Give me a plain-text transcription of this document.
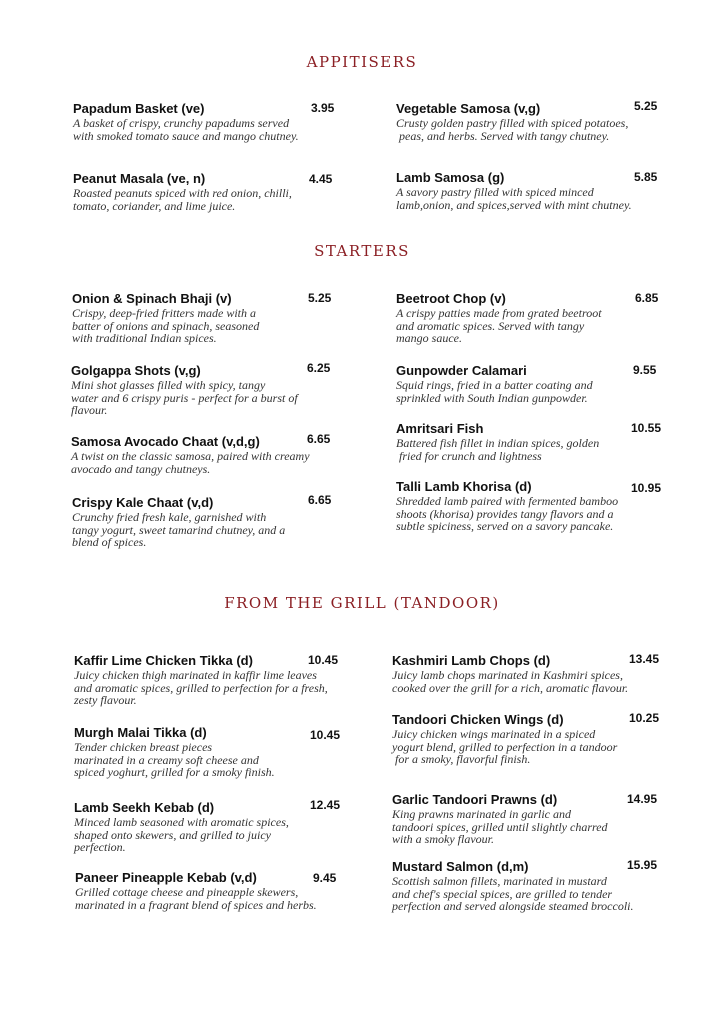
APPITISERS
STARTERS
FROM THE GRILL (TANDOOR)
Papadum Basket (ve)	3.95
A basket of crispy, crunchy papadums served
with smoked tomato sauce and mango chutney.
Peanut Masala (ve, n)	4.45
Roasted peanuts spiced with red onion, chilli,
tomato, coriander, and lime juice.
Vegetable Samosa (v,g)	5.25
Crusty golden pastry filled with spiced potatoes,
peas, and herbs. Served with tangy chutney.
Lamb Samosa (g)	5.85
A savory pastry filled with spiced minced
lamb,onion, and spices,served with mint chutney.
Onion & Spinach Bhaji (v)	5.25
Crispy, deep-fried fritters made with a
batter of onions and spinach, seasoned
with traditional Indian spices.
Golgappa Shots (v,g)	6.25
Mini shot glasses filled with spicy, tangy
water and 6 crispy puris - perfect for a burst of
flavour.
Samosa Avocado Chaat (v,d,g)	6.65
A twist on the classic samosa, paired with creamy
avocado and tangy chutneys.
Crispy Kale Chaat (v,d)	6.65
Crunchy fried fresh kale, garnished with
tangy yogurt, sweet tamarind chutney, and a
blend of spices.
Beetroot Chop (v)	6.85
A crispy patties made from grated beetroot
and aromatic spices. Served with tangy
mango sauce.
Gunpowder Calamari	9.55
Squid rings, fried in a batter coating and
sprinkled with South Indian gunpowder.
Amritsari Fish	10.55
Battered fish fillet in indian spices, golden
fried for crunch and lightness
Talli Lamb Khorisa (d)	10.95
Shredded lamb paired with fermented bamboo
shoots (khorisa) provides tangy flavors and a
subtle spiciness, served on a savory pancake.
Kaffir Lime Chicken Tikka (d)	10.45
Juicy chicken thigh marinated in kaffir lime leaves
and aromatic spices, grilled to perfection for a fresh,
zesty flavour.
Murgh Malai Tikka (d)	10.45
Tender chicken breast pieces
marinated in a creamy soft cheese and
spiced yoghurt, grilled for a smoky finish.
Lamb Seekh Kebab (d)	12.45
Minced lamb seasoned with aromatic spices,
shaped onto skewers, and grilled to juicy
perfection.
Paneer Pineapple Kebab (v,d)	9.45
Grilled cottage cheese and pineapple skewers,
marinated in a fragrant blend of spices and herbs.
Kashmiri Lamb Chops (d)	13.45
Juicy lamb chops marinated in Kashmiri spices,
cooked over the grill for a rich, aromatic flavour.
Tandoori Chicken Wings (d)	10.25
Juicy chicken wings marinated in a spiced
yogurt blend, grilled to perfection in a tandoor
for a smoky, flavorful finish.
Garlic Tandoori Prawns (d)	14.95
King prawns marinated in garlic and
tandoori spices, grilled until slightly charred
with a smoky flavour.
Mustard Salmon (d,m)	15.95
Scottish salmon fillets, marinated in mustard
and chef's special spices, are grilled to tender
perfection and served alongside steamed broccoli.
